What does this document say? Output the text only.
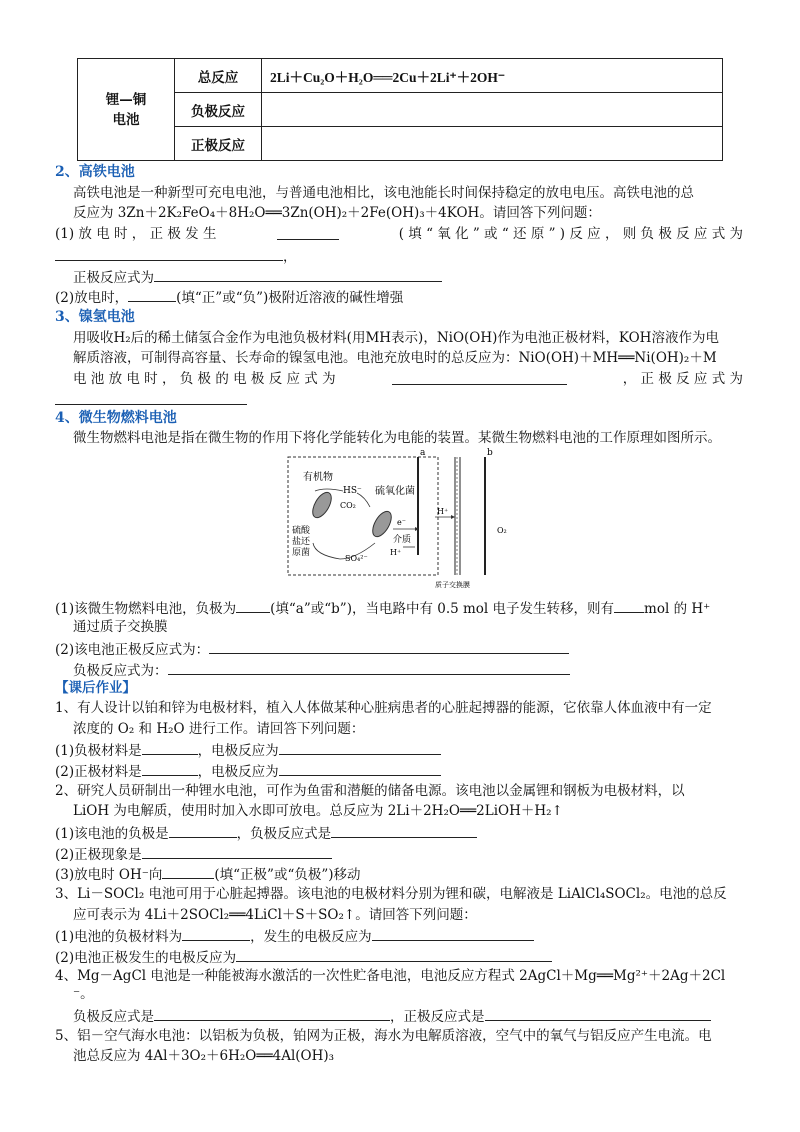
锂—铜
电池	总反应	2Li＋Cu₂O＋H₂O══2Cu＋2Li⁺＋2OH⁻
	负极反应	
	正极反应	
2、高铁电池
高铁电池是一种新型可充电电池，与普通电池相比，该电池能长时间保持稳定的放电电压。高铁电池的总
反应为 3Zn＋2K₂FeO₄＋8H₂O══3Zn(OH)₂＋2Fe(OH)₃＋4KOH。请回答下列问题：
(1) 放 电 时 ， 正 极 发 生	( 填 “ 氧 化 ” 或 “ 还 原 ” ) 反 应 ， 则 负 极 反 应 式 为
，
正极反应式为
(2)放电时，	(填“正”或“负”)极附近溶液的碱性增强
3、镍氢电池
用吸收H₂后的稀土储氢合金作为电池负极材料(用MH表示)，NiO(OH)作为电池正极材料，KOH溶液作为电
解质溶液，可制得高容量、长寿命的镍氢电池。电池充放电时的总反应为：NiO(OH)＋MH══Ni(OH)₂＋M
电 池 放 电 时 ， 负 极 的 电 极 反 应 式 为	， 正 极 反 应 式 为
4、微生物燃料电池
微生物燃料电池是指在微生物的作用下将化学能转化为电能的装置。某微生物燃料电池的工作原理如图所示。
有机物
HS⁻
CO₂
硫氧化菌
e⁻
硫酸
盐还
原菌
SO₄²⁻
介质
H⁺
H⁺
O₂
a	b
质子交换膜
(1)该微生物燃料电池，负极为	(填“a”或“b”)，当电路中有 0.5 mol 电子发生转移，则有 mol 的 H⁺
通过质子交换膜
(2)该电池正极反应式为：
负极反应式为：
【课后作业】
1、有人设计以铂和锌为电极材料，植入人体做某种心脏病患者的心脏起搏器的能源，它依靠人体血液中有一定
浓度的 O₂ 和 H₂O 进行工作。请回答下列问题：
(1)负极材料是	，电极反应为
(2)正极材料是	，电极反应为
2、研究人员研制出一种锂水电池，可作为鱼雷和潜艇的储备电源。该电池以金属锂和钢板为电极材料，以
LiOH 为电解质，使用时加入水即可放电。总反应为 2Li＋2H₂O══2LiOH＋H₂↑
(1)该电池的负极是	，负极反应式是
(2)正极现象是
(3)放电时 OH⁻向	(填“正极”或“负极”)移动
3、Li－SOCl₂ 电池可用于心脏起搏器。该电池的电极材料分别为锂和碳，电解液是 LiAlCl₄SOCl₂。电池的总反
应可表示为 4Li＋2SOCl₂══4LiCl＋S＋SO₂↑。请回答下列问题：
(1)电池的负极材料为	，发生的电极反应为
(2)电池正极发生的电极反应为
4、Mg－AgCl 电池是一种能被海水激活的一次性贮备电池，电池反应方程式 2AgCl＋Mg══Mg²⁺＋2Ag＋2Cl
⁻。
负极反应式是	，正极反应式是
5、铝－空气海水电池：以铝板为负极，铂网为正极，海水为电解质溶液，空气中的氧气与铝反应产生电流。电
池总反应为 4Al＋3O₂＋6H₂O══4Al(OH)₃
